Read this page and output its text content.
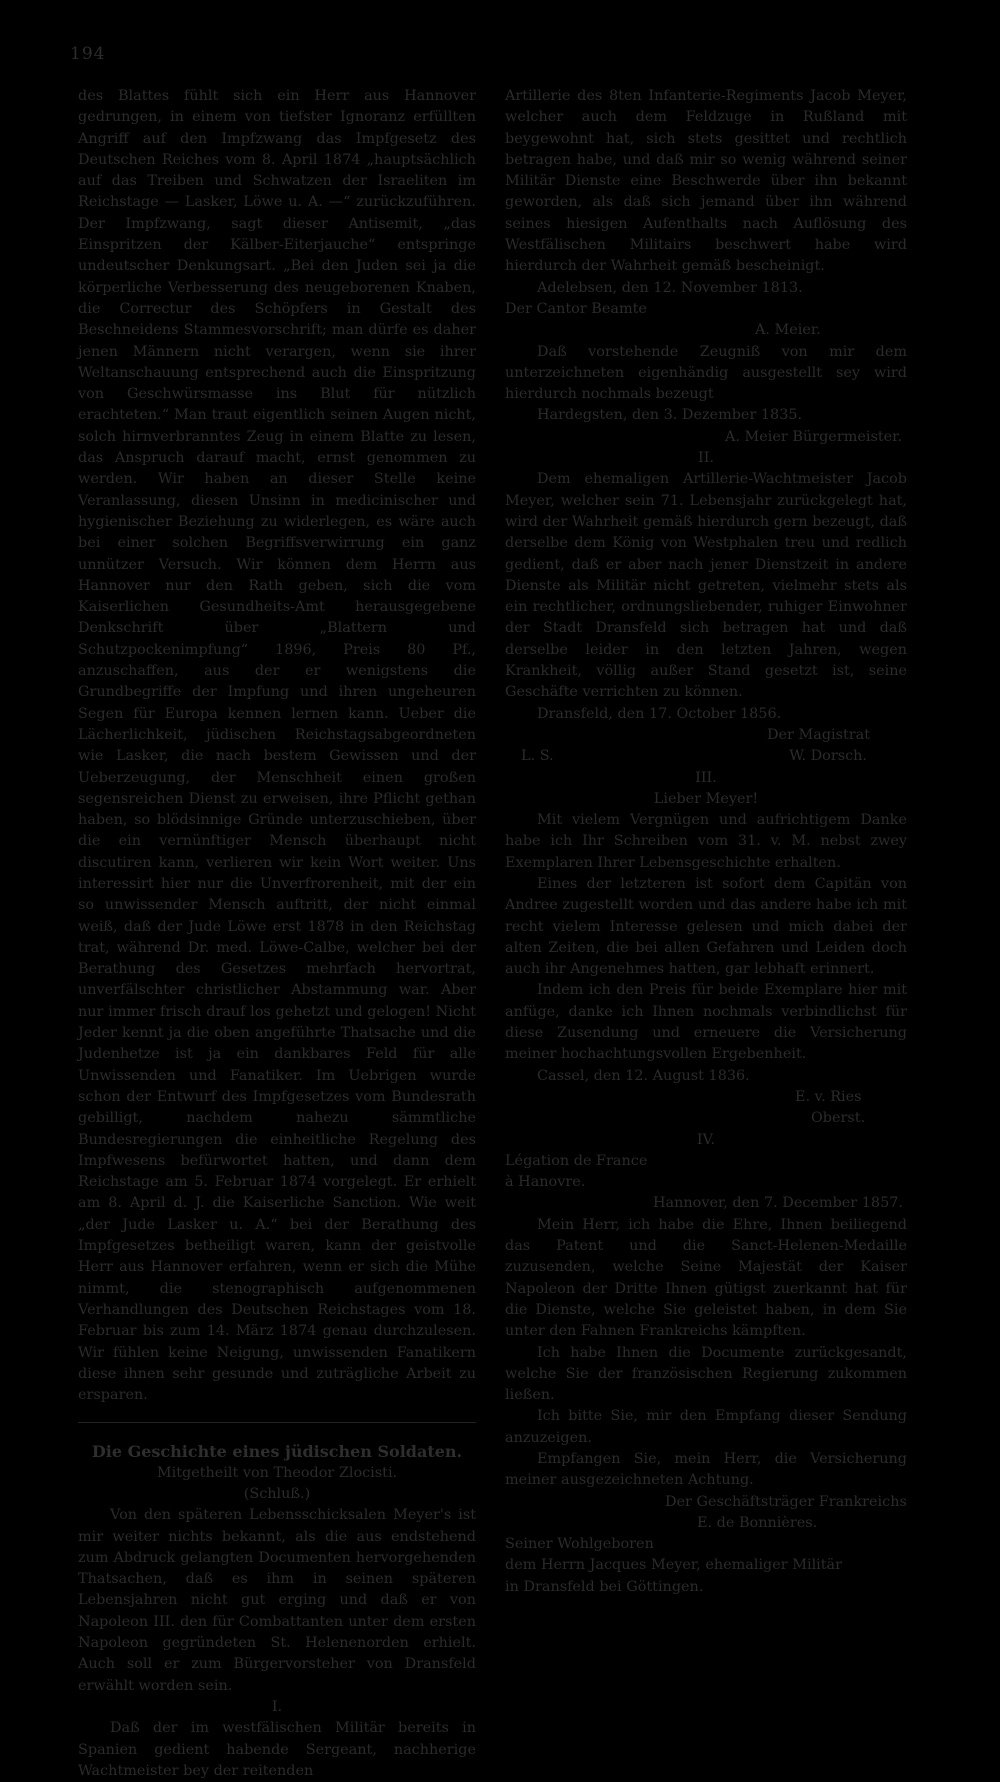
194

des Blattes fühlt sich ein Herr aus Hannover gedrungen, in einem von tiefster Ignoranz erfüllten Angriff auf den Impfzwang das Impfgesetz des Deutschen Reiches vom 8. April 1874 „hauptsächlich auf das Treiben und Schwatzen der Israeliten im Reichstage — Lasker, Löwe u. A. —“ zurückzuführen. Der Impfzwang, sagt dieser Antisemit, „das Einspritzen der Kälber-Eiterjauche“ entspringe undeutscher Denkungsart. „Bei den Juden sei ja die körperliche Verbesserung des neugeborenen Knaben, die Correctur des Schöpfers in Gestalt des Beschneidens Stammesvorschrift; man dürfe es daher jenen Männern nicht verargen, wenn sie ihrer Weltanschauung entsprechend auch die Einspritzung von Geschwürsmasse ins Blut für nützlich erachteten.“ Man traut eigentlich seinen Augen nicht, solch hirnverbranntes Zeug in einem Blatte zu lesen, das Anspruch darauf macht, ernst genommen zu werden. Wir haben an dieser Stelle keine Veranlassung, diesen Unsinn in medicinischer und hygienischer Beziehung zu widerlegen, es wäre auch bei einer solchen Begriffsverwirrung ein ganz unnützer Versuch. Wir können dem Herrn aus Hannover nur den Rath geben, sich die vom Kaiserlichen Gesundheits-Amt herausgegebene Denkschrift über „Blattern und Schutzpockenimpfung“ 1896, Preis 80 Pf., anzuschaffen, aus der er wenigstens die Grundbegriffe der Impfung und ihren ungeheuren Segen für Europa kennen lernen kann. Ueber die Lächerlichkeit, jüdischen Reichstagsabgeordneten wie Lasker, die nach bestem Gewissen und der Ueberzeugung, der Menschheit einen großen segensreichen Dienst zu erweisen, ihre Pflicht gethan haben, so blödsinnige Gründe unterzuschieben, über die ein vernünftiger Mensch überhaupt nicht discutiren kann, verlieren wir kein Wort weiter. Uns interessirt hier nur die Unverfrorenheit, mit der ein so unwissender Mensch auftritt, der nicht einmal weiß, daß der Jude Löwe erst 1878 in den Reichstag trat, während Dr. med. Löwe-Calbe, welcher bei der Berathung des Gesetzes mehrfach hervortrat, unverfälschter christlicher Abstammung war. Aber nur immer frisch drauf los gehetzt und gelogen! Nicht Jeder kennt ja die oben angeführte Thatsache und die Judenhetze ist ja ein dankbares Feld für alle Unwissenden und Fanatiker. Im Uebrigen wurde schon der Entwurf des Impfgesetzes vom Bundesrath gebilligt, nachdem nahezu sämmtliche Bundesregierungen die einheitliche Regelung des Impfwesens befürwortet hatten, und dann dem Reichstage am 5. Februar 1874 vorgelegt. Er erhielt am 8. April d. J. die Kaiserliche Sanction. Wie weit „der Jude Lasker u. A.“ bei der Berathung des Impfgesetzes betheiligt waren, kann der geistvolle Herr aus Hannover erfahren, wenn er sich die Mühe nimmt, die stenographisch aufgenommenen Verhandlungen des Deutschen Reichstages vom 18. Februar bis zum 14. März 1874 genau durchzulesen. Wir fühlen keine Neigung, unwissenden Fanatikern diese ihnen sehr gesunde und zuträgliche Arbeit zu ersparen.

Die Geschichte eines jüdischen Soldaten.

Mitgetheilt von Theodor Zlocisti.

(Schluß.)

Von den späteren Lebensschicksalen Meyer's ist mir weiter nichts bekannt, als die aus endstehend zum Abdruck gelangten Documenten hervorgehenden Thatsachen, daß es ihm in seinen späteren Lebensjahren nicht gut erging und daß er von Napoleon III. den für Combattanten unter dem ersten Napoleon gegründeten St. Helenenorden erhielt. Auch soll er zum Bürgervorsteher von Dransfeld erwählt worden sein.

I.

Daß der im westfälischen Militär bereits in Spanien gedient habende Sergeant, nachherige Wachtmeister bey der reitenden

Artillerie des 8ten Infanterie-Regiments Jacob Meyer, welcher auch dem Feldzuge in Rußland mit beygewohnt hat, sich stets gesittet und rechtlich betragen habe, und daß mir so wenig während seiner Militär Dienste eine Beschwerde über ihn bekannt geworden, als daß sich jemand über ihn während seines hiesigen Aufenthalts nach Auflösung des Westfälischen Militairs beschwert habe wird hierdurch der Wahrheit gemäß bescheinigt.

Adelebsen, den 12. November 1813.

Der Cantor Beamte

A. Meier.

Daß vorstehende Zeugniß von mir dem unterzeichneten eigenhändig ausgestellt sey wird hierdurch nochmals bezeugt

Hardegsten, den 3. Dezember 1835.

A. Meier Bürgermeister.

II.

Dem ehemaligen Artillerie-Wachtmeister Jacob Meyer, welcher sein 71. Lebensjahr zurückgelegt hat, wird der Wahrheit gemäß hierdurch gern bezeugt, daß derselbe dem König von Westphalen treu und redlich gedient, daß er aber nach jener Dienstzeit in andere Dienste als Militär nicht getreten, vielmehr stets als ein rechtlicher, ordnungsliebender, ruhiger Einwohner der Stadt Dransfeld sich betragen hat und daß derselbe leider in den letzten Jahren, wegen Krankheit, völlig außer Stand gesetzt ist, seine Geschäfte verrichten zu können.

Dransfeld, den 17. October 1856.

Der Magistrat

L. S.	W. Dorsch.

III.

Lieber Meyer!

Mit vielem Vergnügen und aufrichtigem Danke habe ich Ihr Schreiben vom 31. v. M. nebst zwey Exemplaren Ihrer Lebensgeschichte erhalten.

Eines der letzteren ist sofort dem Capitän von Andree zugestellt worden und das andere habe ich mit recht vielem Interesse gelesen und mich dabei der alten Zeiten, die bei allen Gefahren und Leiden doch auch ihr Angenehmes hatten, gar lebhaft erinnert.

Indem ich den Preis für beide Exemplare hier mit anfüge, danke ich Ihnen nochmals verbindlichst für diese Zusendung und erneuere die Versicherung meiner hochachtungsvollen Ergebenheit.

Cassel, den 12. August 1836.

E. v. Ries

Oberst.

IV.

Légation de France

à Hanovre.

Hannover, den 7. December 1857.

Mein Herr, ich habe die Ehre, Ihnen beiliegend das Patent und die Sanct-Helenen-Medaille zuzusenden, welche Seine Majestät der Kaiser Napoleon der Dritte Ihnen gütigst zuerkannt hat für die Dienste, welche Sie geleistet haben, in dem Sie unter den Fahnen Frankreichs kämpften.

Ich habe Ihnen die Documente zurückgesandt, welche Sie der französischen Regierung zukommen ließen.

Ich bitte Sie, mir den Empfang dieser Sendung anzuzeigen.

Empfangen Sie, mein Herr, die Versicherung meiner ausgezeichneten Achtung.

Der Geschäftsträger Frankreichs

E. de Bonnières.

Seiner Wohlgeboren

dem Herrn Jacques Meyer, ehemaliger Militär

in Dransfeld bei Göttingen.
